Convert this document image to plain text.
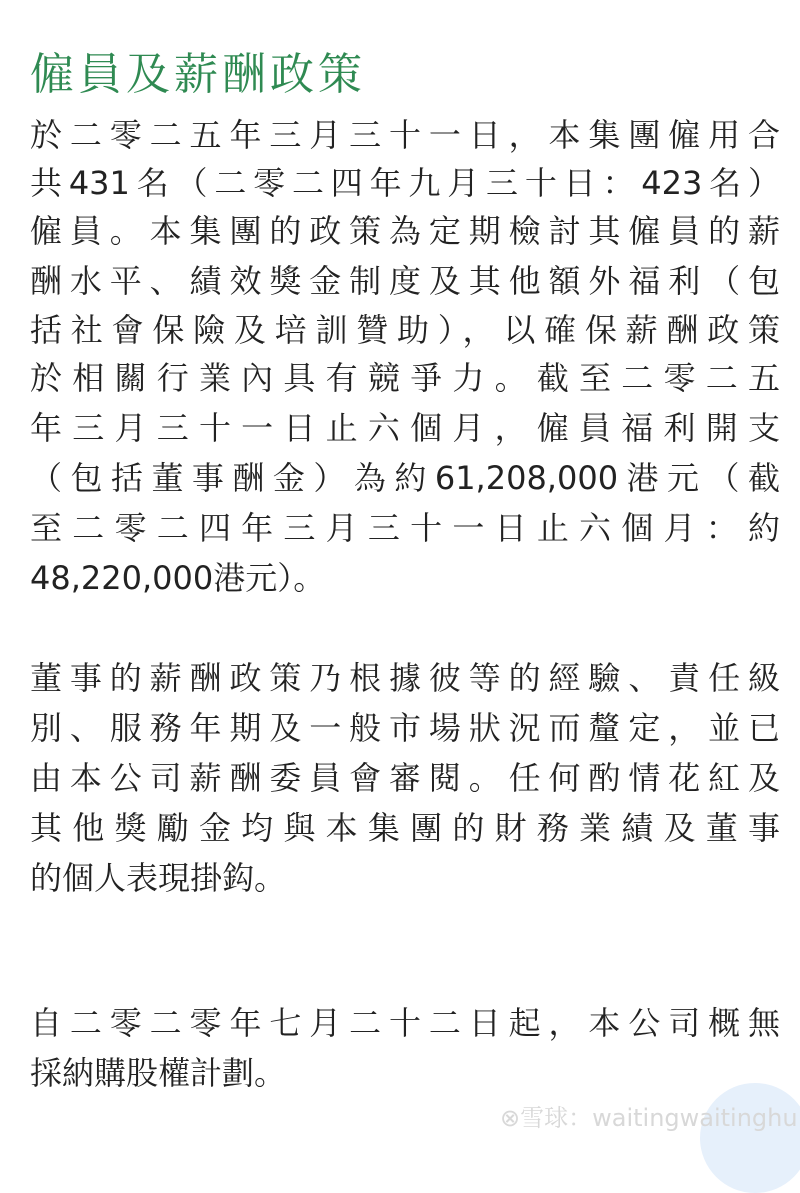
僱員及薪酬政策
於二零二五年三月三十一日，本集團僱用合
共431名（二零二四年九月三十日：423名）
僱員。本集團的政策為定期檢討其僱員的薪
酬水平、績效獎金制度及其他額外福利（包
括社會保險及培訓贊助），以確保薪酬政策
於相關行業內具有競爭力。截至二零二五
年三月三十一日止六個月，僱員福利開支
（包括董事酬金）為約61,208,000港元（截
至二零二四年三月三十一日止六個月：約
48,220,000港元）。
董事的薪酬政策乃根據彼等的經驗、責任級
別、服務年期及一般市場狀況而釐定，並已
由本公司薪酬委員會審閱。任何酌情花紅及
其他獎勵金均與本集團的財務業績及董事
的個人表現掛鈎。
自二零二零年七月二十二日起，本公司概無
採納購股權計劃。
⊗雪球：waitingwaitinghu
